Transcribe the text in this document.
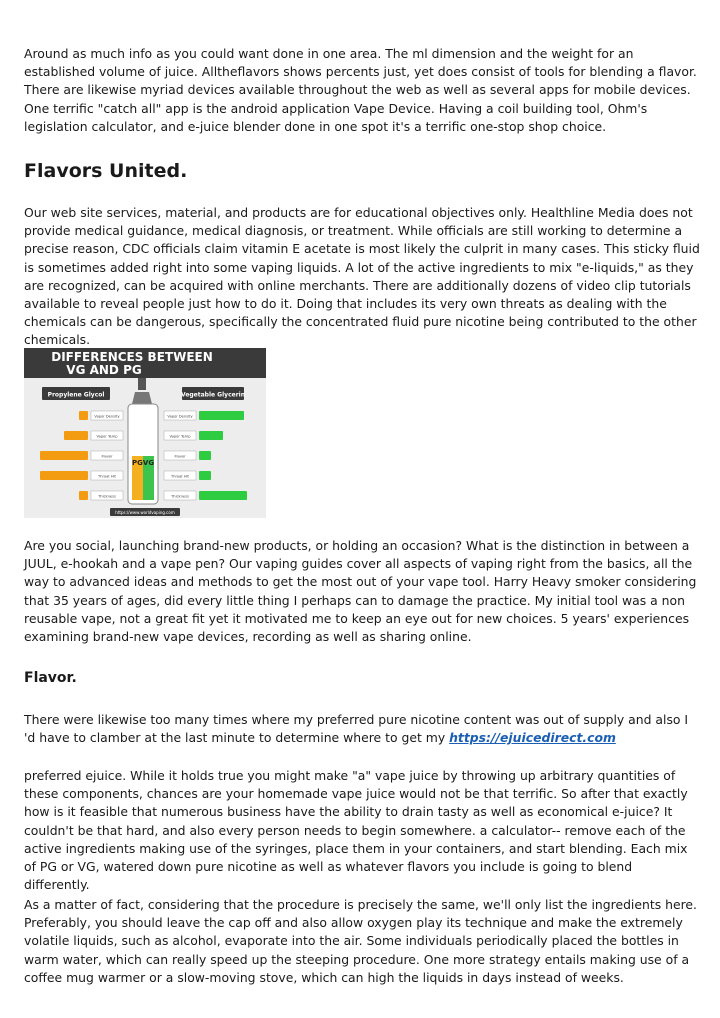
Around as much info as you could want done in one area. The ml dimension and the weight for an established volume of juice. Alltheflavors shows percents just, yet does consist of tools for blending a flavor. There are likewise myriad devices available throughout the web as well as several apps for mobile devices. One terrific "catch all" app is the android application Vape Device. Having a coil building tool, Ohm's legislation calculator, and e-juice blender done in one spot it's a terrific one-stop shop choice.

Flavors United.

Our web site services, material, and products are for educational objectives only. Healthline Media does not provide medical guidance, medical diagnosis, or treatment. While officials are still working to determine a precise reason, CDC officials claim vitamin E acetate is most likely the culprit in many cases. This sticky fluid is sometimes added right into some vaping liquids. A lot of the active ingredients to mix "e-liquids," as they are recognized, can be acquired with online merchants. There are additionally dozens of video clip tutorials available to reveal people just how to do it. Doing that includes its very own threats as dealing with the chemicals can be dangerous, specifically the concentrated fluid pure nicotine being contributed to the other chemicals.

DIFFERENCES BETWEEN
VG AND PG
Propylene Glycol	Vegetable Glycerin
PG VG
Vapor Density	Vapor Density
Vapor Temp	Vapor Temp
Flavor	Flavor
Throat Hit	Throat Hit
Thickness	Thickness
https://www.worldvaping.com

Are you social, launching brand-new products, or holding an occasion? What is the distinction in between a JUUL, e-hookah and a vape pen? Our vaping guides cover all aspects of vaping right from the basics, all the way to advanced ideas and methods to get the most out of your vape tool. Harry Heavy smoker considering that 35 years of ages, did every little thing I perhaps can to damage the practice. My initial tool was a non reusable vape, not a great fit yet it motivated me to keep an eye out for new choices. 5 years' experiences examining brand-new vape devices, recording as well as sharing online.

Flavor.

There were likewise too many times where my preferred pure nicotine content was out of supply and also I 'd have to clamber at the last minute to determine where to get my https://ejuicedirect.com

preferred ejuice. While it holds true you might make "a" vape juice by throwing up arbitrary quantities of these components, chances are your homemade vape juice would not be that terrific. So after that exactly how is it feasible that numerous business have the ability to drain tasty as well as economical e-juice? It couldn't be that hard, and also every person needs to begin somewhere. a calculator-- remove each of the active ingredients making use of the syringes, place them in your containers, and start blending. Each mix of PG or VG, watered down pure nicotine as well as whatever flavors you include is going to blend differently.

As a matter of fact, considering that the procedure is precisely the same, we'll only list the ingredients here. Preferably, you should leave the cap off and also allow oxygen play its technique and make the extremely volatile liquids, such as alcohol, evaporate into the air. Some individuals periodically placed the bottles in warm water, which can really speed up the steeping procedure. One more strategy entails making use of a coffee mug warmer or a slow-moving stove, which can high the liquids in days instead of weeks.
